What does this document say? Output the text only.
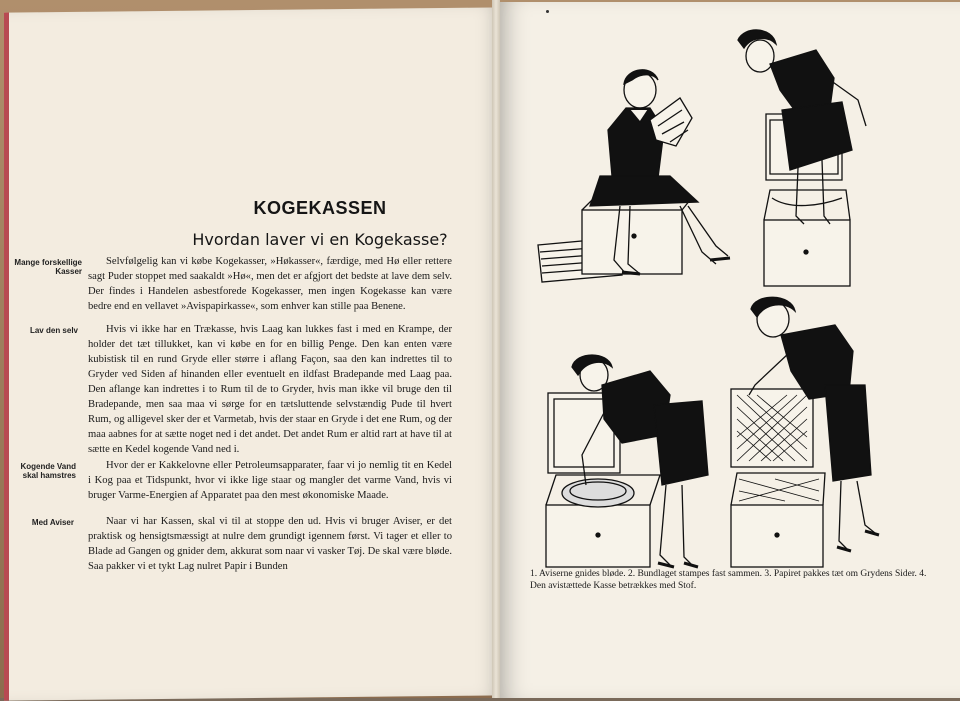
KOGEKASSEN
Hvordan laver vi en Kogekasse?
Mange forskellige Kasser
Selvfølgelig kan vi købe Kogekasser, »Høkasser«, færdige, med Hø eller rettere sagt Puder stoppet med saakaldt »Hø«, men det er afgjort det bedste at lave dem selv. Der findes i Handelen asbestforede Kogekasser, men ingen Kogekasse kan være bedre end en vellavet »Avispapirkasse«, som enhver kan stille paa Benene.
Lav den selv	Hvis vi ikke har en Trækasse, hvis Laag kan lukkes fast i med en Krampe, der holder det tæt tillukket, kan vi købe en for en billig Penge. Den kan enten være kubistisk til en rund Gryde eller større i aflang Façon, saa den kan indrettes til to Gryder ved Siden af hinanden eller eventuelt en ildfast Bradepande med Laag paa. Den aflange kan indrettes i to Rum til de to Gryder, hvis man ikke vil bruge den til Bradepande, men saa maa vi sørge for en tætsluttende selvstændig Pude til hvert Rum, og alligevel sker der et Varmetab, hvis der staar en Gryde i det ene Rum, og der maa aabnes for at sætte noget ned i det andet. Det andet Rum er altid rart at have til at sætte en Kedel kogende Vand ned i.
Kogende Vand skal hamstres
Hvor der er Kakkelovne eller Petroleumsapparater, faar vi jo nemlig tit en Kedel i Kog paa et Tidspunkt, hvor vi ikke lige staar og mangler det varme Vand, hvis vi bruger Varme-Energien af Apparatet paa den mest økonomiske Maade.
Med Aviser	Naar vi har Kassen, skal vi til at stoppe den ud. Hvis vi bruger Aviser, er det praktisk og hensigtsmæssigt at nulre dem grundigt igennem først. Vi tager et eller to Blade ad Gangen og gnider dem, akkurat som naar vi vasker Tøj. De skal være bløde. Saa pakker vi et tykt Lag nulret Papir i Bunden
1. Aviserne gnides bløde. 2. Bundlaget stampes fast sammen. 3. Papiret pakkes tæt om Grydens Sider. 4. Den avistættede Kasse betrækkes med Stof.
